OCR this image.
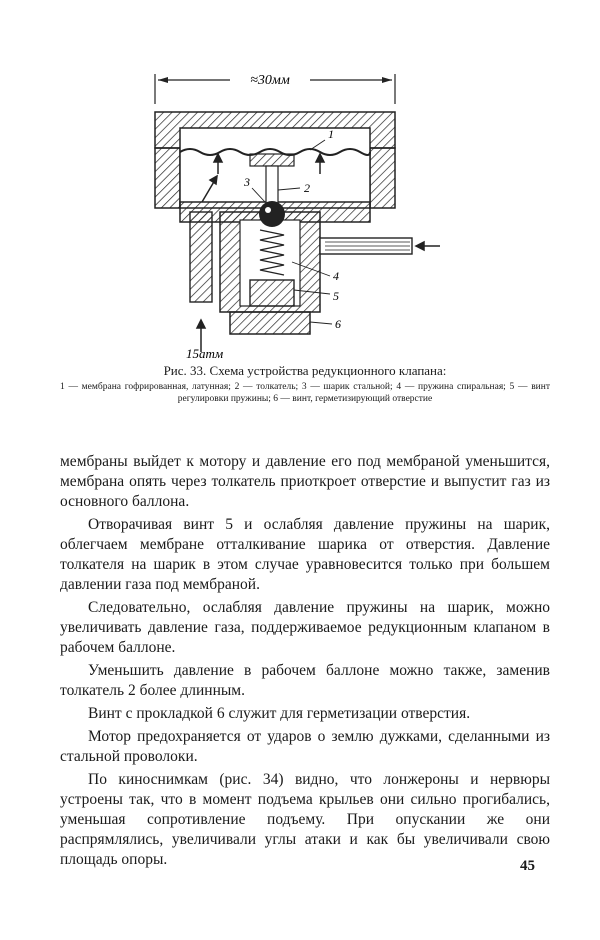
≈30мм
1
2
3
4
5
6
15атм
Рис. 33. Схема устройства редукционного клапана:
1 — мембрана гофрированная, латунная; 2 — толкатель; 3 — шарик стальной; 4 — пружина спиральная; 5 — винт регулировки пружины; 6 — винт, герметизирующий отверстие

мембраны выйдет к мотору и давление его под мембраной уменьшится, мембрана опять через толкатель приоткроет отверстие и выпустит газ из основного баллона.

Отворачивая винт 5 и ослабляя давление пружины на шарик, облегчаем мембране отталкивание шарика от отверстия. Давление толкателя на шарик в этом случае уравновесится только при большем давлении газа под мембраной.

Следовательно, ослабляя давление пружины на шарик, можно увеличивать давление газа, поддерживаемое редукционным клапаном в рабочем баллоне.

Уменьшить давление в рабочем баллоне можно также, заменив толкатель 2 более длинным.

Винт с прокладкой 6 служит для герметизации отверстия.

Мотор предохраняется от ударов о землю дужками, сделанными из стальной проволоки.

По киноснимкам (рис. 34) видно, что лонжероны и нервюры устроены так, что в момент подъема крыльев они сильно прогибались, уменьшая сопротивление подъему. При опускании же они распрямлялись, увеличивали углы атаки и как бы увеличивали свою площадь опоры.	45
